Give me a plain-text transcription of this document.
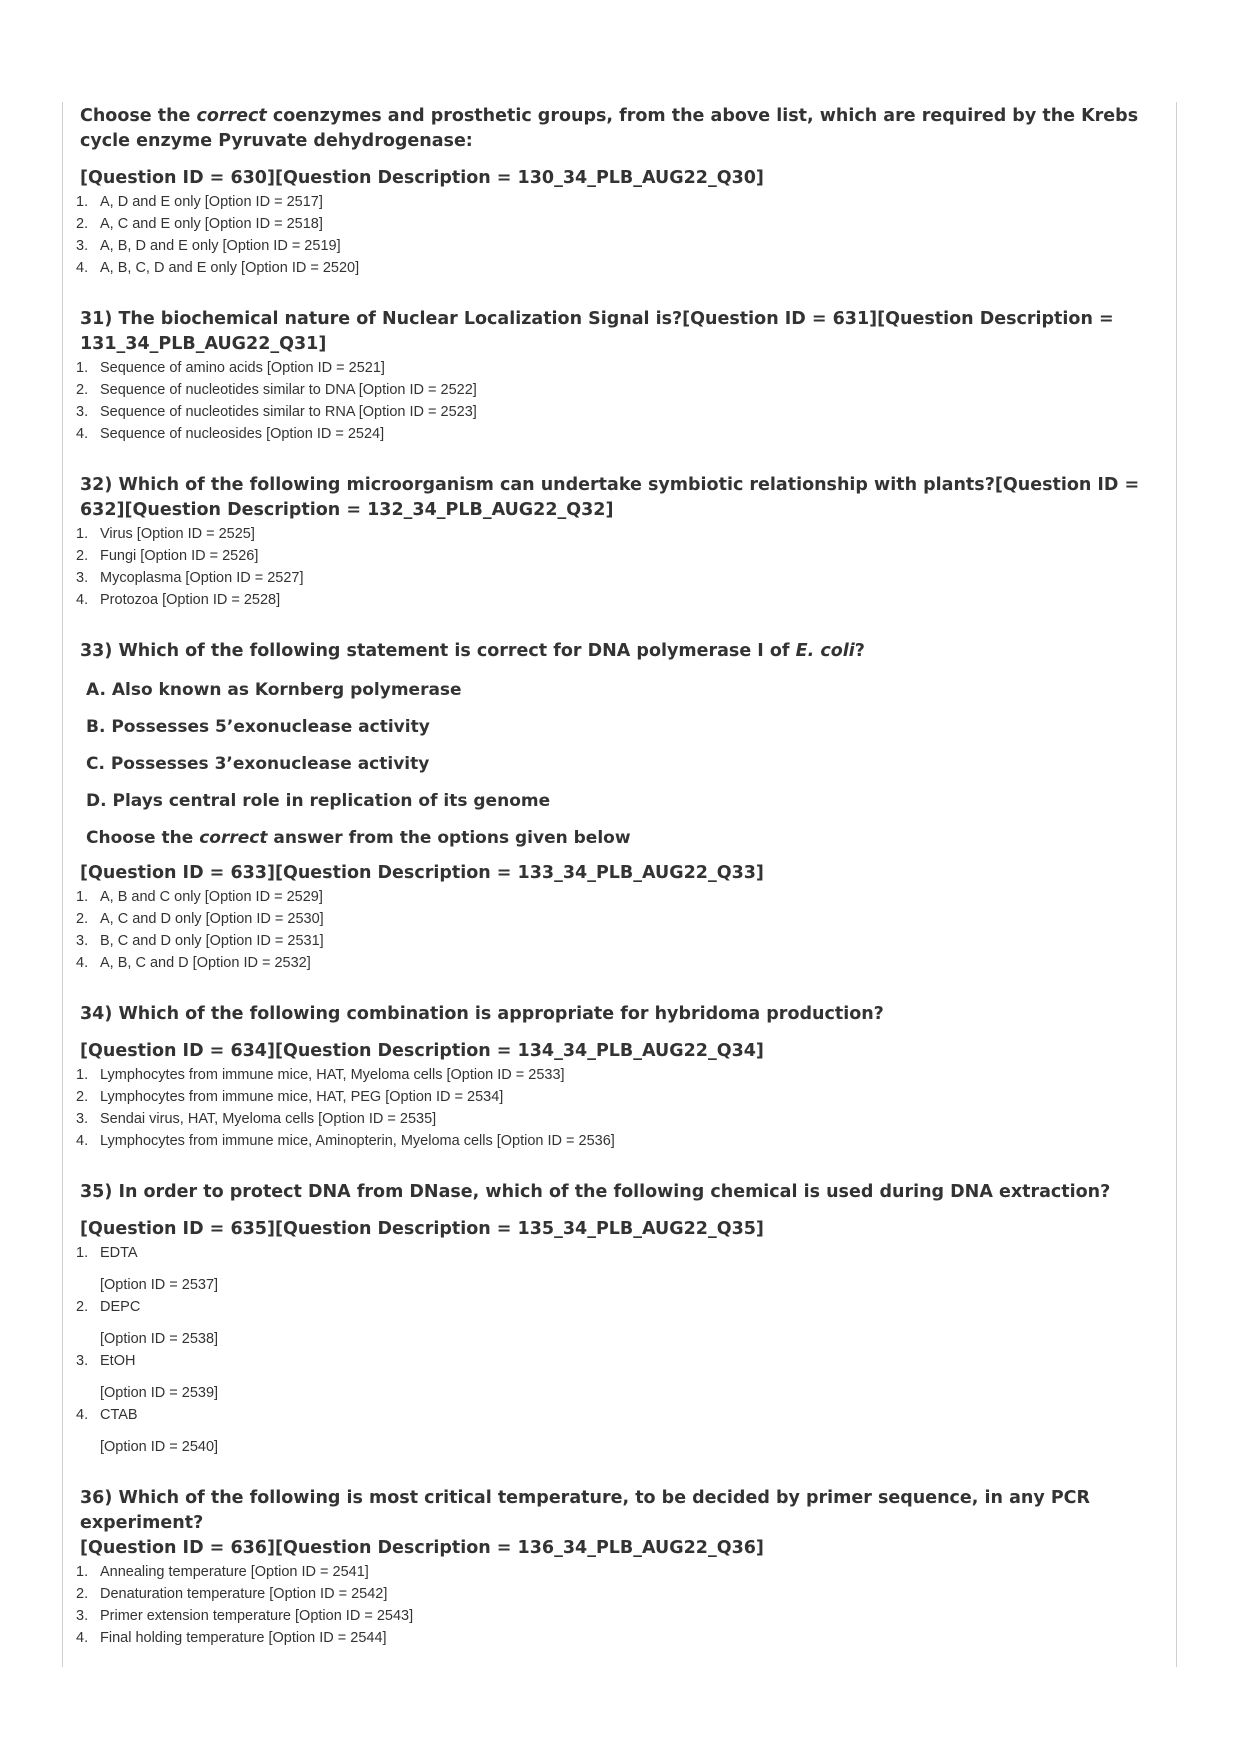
Choose the correct coenzymes and prosthetic groups, from the above list, which are required by the Krebs cycle enzyme Pyruvate dehydrogenase:
[Question ID = 630][Question Description = 130_34_PLB_AUG22_Q30]
1. A, D and E only [Option ID = 2517]
2. A, C and E only [Option ID = 2518]
3. A, B, D and E only [Option ID = 2519]
4. A, B, C, D and E only [Option ID = 2520]
31) The biochemical nature of Nuclear Localization Signal is?[Question ID = 631][Question Description = 131_34_PLB_AUG22_Q31]
1. Sequence of amino acids [Option ID = 2521]
2. Sequence of nucleotides similar to DNA [Option ID = 2522]
3. Sequence of nucleotides similar to RNA [Option ID = 2523]
4. Sequence of nucleosides [Option ID = 2524]
32) Which of the following microorganism can undertake symbiotic relationship with plants?[Question ID = 632][Question Description = 132_34_PLB_AUG22_Q32]
1. Virus [Option ID = 2525]
2. Fungi [Option ID = 2526]
3. Mycoplasma [Option ID = 2527]
4. Protozoa [Option ID = 2528]
33) Which of the following statement is correct for DNA polymerase I of E. coli?
A. Also known as Kornberg polymerase
B. Possesses 5’exonuclease activity
C. Possesses 3’exonuclease activity
D. Plays central role in replication of its genome
Choose the correct answer from the options given below
[Question ID = 633][Question Description = 133_34_PLB_AUG22_Q33]
1. A, B and C only [Option ID = 2529]
2. A, C and D only [Option ID = 2530]
3. B, C and D only [Option ID = 2531]
4. A, B, C and D [Option ID = 2532]
34) Which of the following combination is appropriate for hybridoma production?
[Question ID = 634][Question Description = 134_34_PLB_AUG22_Q34]
1. Lymphocytes from immune mice, HAT, Myeloma cells [Option ID = 2533]
2. Lymphocytes from immune mice, HAT, PEG [Option ID = 2534]
3. Sendai virus, HAT, Myeloma cells [Option ID = 2535]
4. Lymphocytes from immune mice, Aminopterin, Myeloma cells [Option ID = 2536]
35) In order to protect DNA from DNase, which of the following chemical is used during DNA extraction?
[Question ID = 635][Question Description = 135_34_PLB_AUG22_Q35]
1. EDTA
[Option ID = 2537]
2. DEPC
[Option ID = 2538]
3. EtOH
[Option ID = 2539]
4. CTAB
[Option ID = 2540]
36) Which of the following is most critical temperature, to be decided by primer sequence, in any PCR experiment?
[Question ID = 636][Question Description = 136_34_PLB_AUG22_Q36]
1. Annealing temperature [Option ID = 2541]
2. Denaturation temperature [Option ID = 2542]
3. Primer extension temperature [Option ID = 2543]
4. Final holding temperature [Option ID = 2544]
